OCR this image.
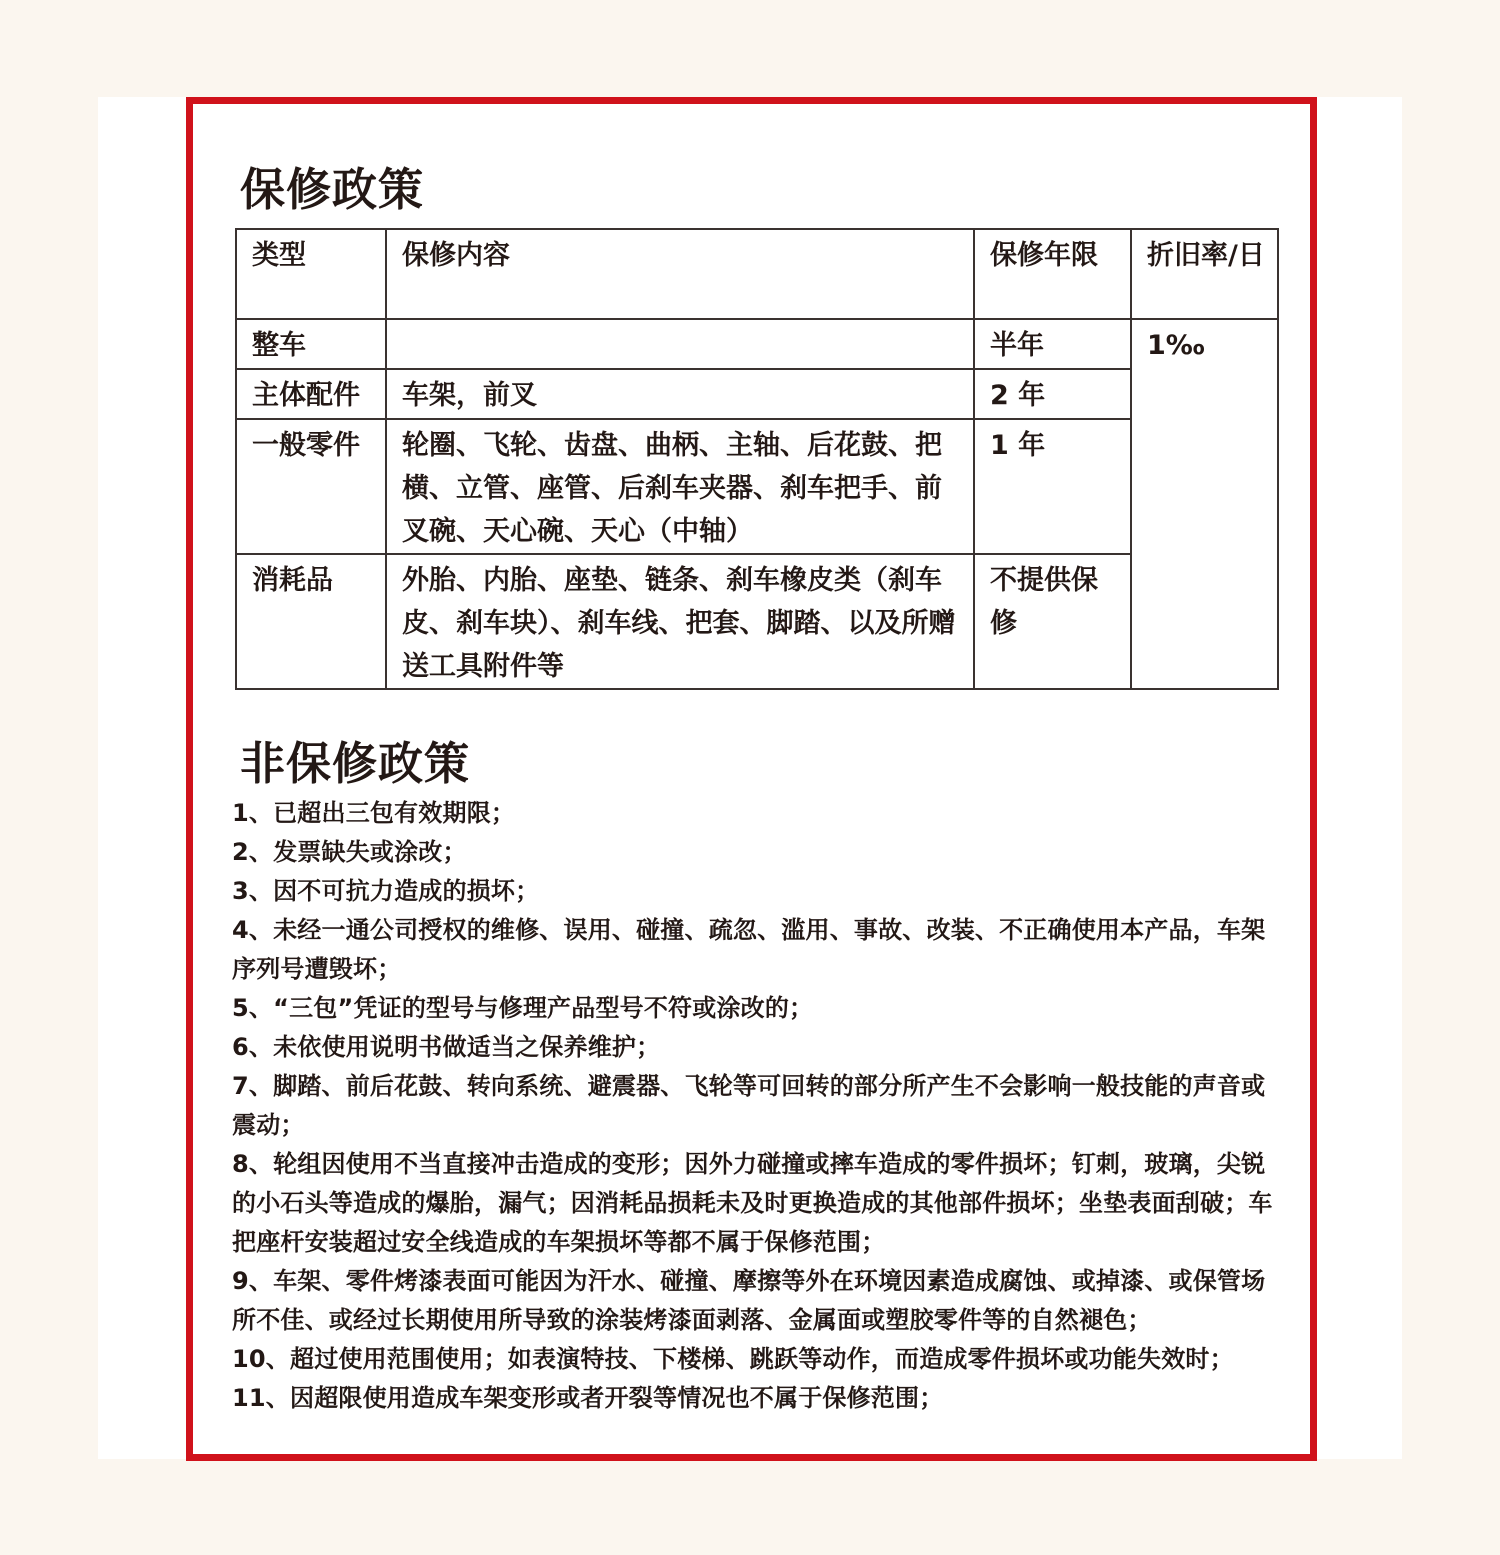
保修政策
类型	保修内容	保修年限	折旧率/日
整车		半年	1‰
主体配件	车架，前叉	2 年	
一般零件	轮圈、飞轮、齿盘、曲柄、主轴、后花鼓、把横、立管、座管、后刹车夹器、刹车把手、前叉碗、天心碗、天心（中轴）	1 年	
消耗品	外胎、内胎、座垫、链条、刹车橡皮类（刹车皮、刹车块）、刹车线、把套、脚踏、以及所赠送工具附件等	不提供保修	
非保修政策
1、已超出三包有效期限；
2、发票缺失或涂改；
3、因不可抗力造成的损坏；
4、未经一通公司授权的维修、误用、碰撞、疏忽、滥用、事故、改装、不正确使用本产品，车架序列号遭毁坏；
5、“三包”凭证的型号与修理产品型号不符或涂改的；
6、未依使用说明书做适当之保养维护；
7、脚踏、前后花鼓、转向系统、避震器、飞轮等可回转的部分所产生不会影响一般技能的声音或震动；
8、轮组因使用不当直接冲击造成的变形；因外力碰撞或摔车造成的零件损坏；钉刺，玻璃，尖锐的小石头等造成的爆胎，漏气；因消耗品损耗未及时更换造成的其他部件损坏；坐垫表面刮破；车把座杆安装超过安全线造成的车架损坏等都不属于保修范围；
9、车架、零件烤漆表面可能因为汗水、碰撞、摩擦等外在环境因素造成腐蚀、或掉漆、或保管场所不佳、或经过长期使用所导致的涂装烤漆面剥落、金属面或塑胶零件等的自然褪色；
10、超过使用范围使用；如表演特技、下楼梯、跳跃等动作，而造成零件损坏或功能失效时；
11、因超限使用造成车架变形或者开裂等情况也不属于保修范围；
